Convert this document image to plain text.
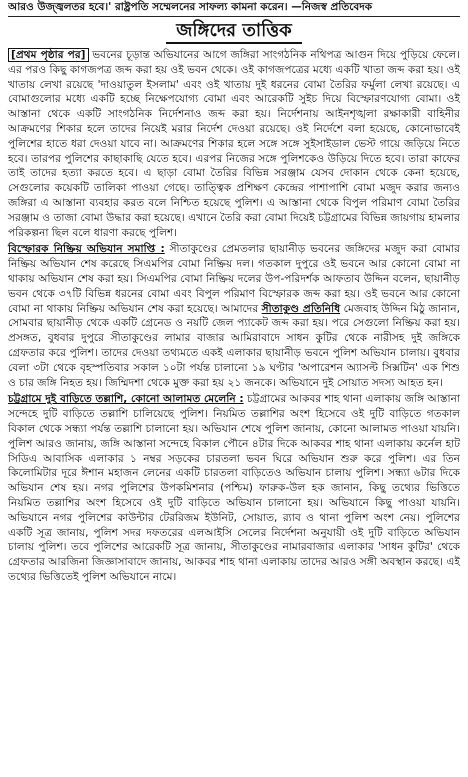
আরও উজ্জ্বলতর হবে।' রাষ্ট্রপতি সম্মেলনের সাফল্য কামনা করেন। —নিজস্ব প্রতিবেদক
জঙ্গিদের তাত্তিক

[প্রথম পৃষ্ঠার পর] ভবনের চূড়ান্ত অভিযানের আগে জঙ্গিরা সাংগঠনিক নথিপত্র আগুন দিয়ে পুড়িয়ে ফেলে। এর পরও কিছু কাগজপত্র জব্দ করা হয় ওই ভবন থেকে। ওই কাগজপত্রের মধ্যে একটি খাতা জব্দ করা হয়। ওই খাতায় লেখা রয়েছে 'দাওয়াতুল ইসলাম' এবং ওই খাতায় দুই ধরনের বোমা তৈরির ফর্মুলা লেখা রয়েছে। এ বোমাগুলোর মধ্যে একটি হচ্ছে নিক্ষেপযোগ্য বোমা এবং আরেকটি সুইচ দিয়ে বিস্ফোরণযোগ্য বোমা। ওই আস্তানা থেকে একটি সাংগঠনিক নির্দেশনাও জব্দ করা হয়। নির্দেশনায় আইনশৃঙ্খলা রক্ষাকারী বাহিনীর আক্রমণের শিকার হলে তাদের নিয়েই মরার নির্দেশ দেওয়া রয়েছে। ওই নির্দেশে বলা হয়েছে, কোনোভাবেই পুলিশের হাতে ধরা দেওয়া যাবে না। আক্রমণের শিকার হলে সঙ্গে সঙ্গে সুইসাইডাল ভেস্ট গায়ে জড়িয়ে নিতে হবে। তারপর পুলিশের কাছাকাছি যেতে হবে। এরপর নিজের সঙ্গে পুলিশকেও উড়িয়ে দিতে হবে। তারা কাফের তাই তাদের হত্যা করতে হবে। এ ছাড়া বোমা তৈরির বিভিন্ন সরঞ্জাম যেসব দোকান থেকে কেনা হয়েছে, সেগুলোর কয়েকটি তালিকা পাওয়া গেছে। তাত্ত্বিক প্রশিক্ষণ কেন্দ্রের পাশাপাশি বোমা মজুদ করার জন্যও জঙ্গিরা এ আস্তানা ব্যবহার করত বলে নিশ্চিত হয়েছে পুলিশ। এ আস্তানা থেকে বিপুল পরিমাণ বোমা তৈরির সরঞ্জাম ও তাজা বোমা উদ্ধার করা হয়েছে। এখানে তৈরি করা বোমা দিয়েই চট্টগ্রামের বিভিন্ন জায়গায় হামলার পরিকল্পনা ছিল বলে ধারণা করছে পুলিশ।

বিস্ফোরক নিষ্ক্রিয় অভিযান সমাপ্তি : সীতাকুণ্ডের প্রেমতলার ছায়ানীড় ভবনের জঙ্গিদের মজুদ করা বোমার নিষ্ক্রিয় অভিযান শেষ করেছে সিএমপির বোমা নিষ্ক্রিয় দল। গতকাল দুপুরে ওই ভবনে আর কোনো বোমা না থাকায় অভিযান শেষ করা হয়। সিএমপির বোমা নিষ্ক্রিয় দলের উপ-পরিদর্শক আফতাব উদ্দিন বলেন, ছায়ানীড় ভবন থেকে ৩৭টি বিভিন্ন ধরনের বোমা এবং বিপুল পরিমাণ বিস্ফোরক জব্দ করা হয়। ওই ভবনে আর কোনো বোমা না থাকায় নিষ্ক্রিয় অভিযান শেষ করা হয়েছে। আমাদের সীতাকুণ্ড প্রতিনিধি মেজবাহ উদ্দিন মিঠু জানান, সোমবার ছায়ানীড় থেকে একটি গ্রেনেড ও নয়টি জেল প্যাকেট জব্দ করা হয়। পরে সেগুলো নিষ্ক্রিয় করা হয়। প্রসঙ্গত, বুধবার দুপুরে সীতাকুণ্ডের লামার বাজার আমিরাবাদে সাধন কুটির থেকে নারীসহ দুই জঙ্গিকে গ্রেফতার করে পুলিশ। তাদের দেওয়া তথ্যমতে একই এলাকার ছায়ানীড় ভবনে পুলিশ অভিযান চালায়। বুধবার বেলা ৩টা থেকে বৃহস্পতিবার সকাল ১০টা পর্যন্ত চালানো ১৯ ঘণ্টার 'অপারেশন অ্যাসল্ট সিক্সটিন' এক শিশু ও চার জঙ্গি নিহত হয়। জিম্মিদশা থেকে মুক্ত করা হয় ২১ জনকে। অভিযানে দুই সোয়াত সদস্য আহত হন।

চট্টগ্রামে দুই বাড়িতে তল্লাশি, কোনো আলামত মেলেনি : চট্টগ্রামের আকবর শাহ থানা এলাকায় জঙ্গি আস্তানা সন্দেহে দুটি বাড়িতে তল্লাশি চালিয়েছে পুলিশ। নিয়মিত তল্লাশির অংশ হিসেবে ওই দুটি বাড়িতে গতকাল বিকাল থেকে সন্ধ্যা পর্যন্ত তল্লাশি চালানো হয়। অভিযান শেষে পুলিশ জানায়, কোনো আলামত পাওয়া যায়নি। পুলিশ আরও জানায়, জঙ্গি আস্তানা সন্দেহে বিকাল পৌনে ৪টার দিকে আকবর শাহ থানা এলাকায় কর্নেল হাট সিডিএ আবাসিক এলাকার ১ নম্বর সড়কের চারতলা ভবন ঘিরে অভিযান শুরু করে পুলিশ। এর তিন কিলোমিটার দূরে ঈশান মহাজন লেনের একটি চারতলা বাড়িতেও অভিযান চালায় পুলিশ। সন্ধ্যা ৬টার দিকে অভিযান শেষ হয়। নগর পুলিশের উপকমিশনার (পশ্চিম) ফারুক-উল হক জানান, কিছু তথ্যের ভিত্তিতে নিয়মিত তল্লাশির অংশ হিসেবে ওই দুটি বাড়িতে অভিযান চালানো হয়। অভিযানে কিছু পাওয়া যায়নি। অভিযানে নগর পুলিশের কাউন্টার টেররিজম ইউনিট, সোয়াত, র‌্যাব ও থানা পুলিশ অংশ নেয়। পুলিশের একটি সূত্র জানায়, পুলিশ সদর দফতরের এলআইসি সেলের নির্দেশনা অনুযায়ী ওই দুটি বাড়িতে অভিযান চালায় পুলিশ। তবে পুলিশের আরেকটি সূত্র জানায়, সীতাকুণ্ডের নামারবাজার এলাকার 'সাধন কুটির' থেকে গ্রেফতার আরজিনা জিজ্ঞাসাবাদে জানায়, আকবর শাহ থানা এলাকায় তাদের আরও সঙ্গী অবস্থান করছে। এই তথ্যের ভিত্তিতেই পুলিশ অভিযানে নামে।
